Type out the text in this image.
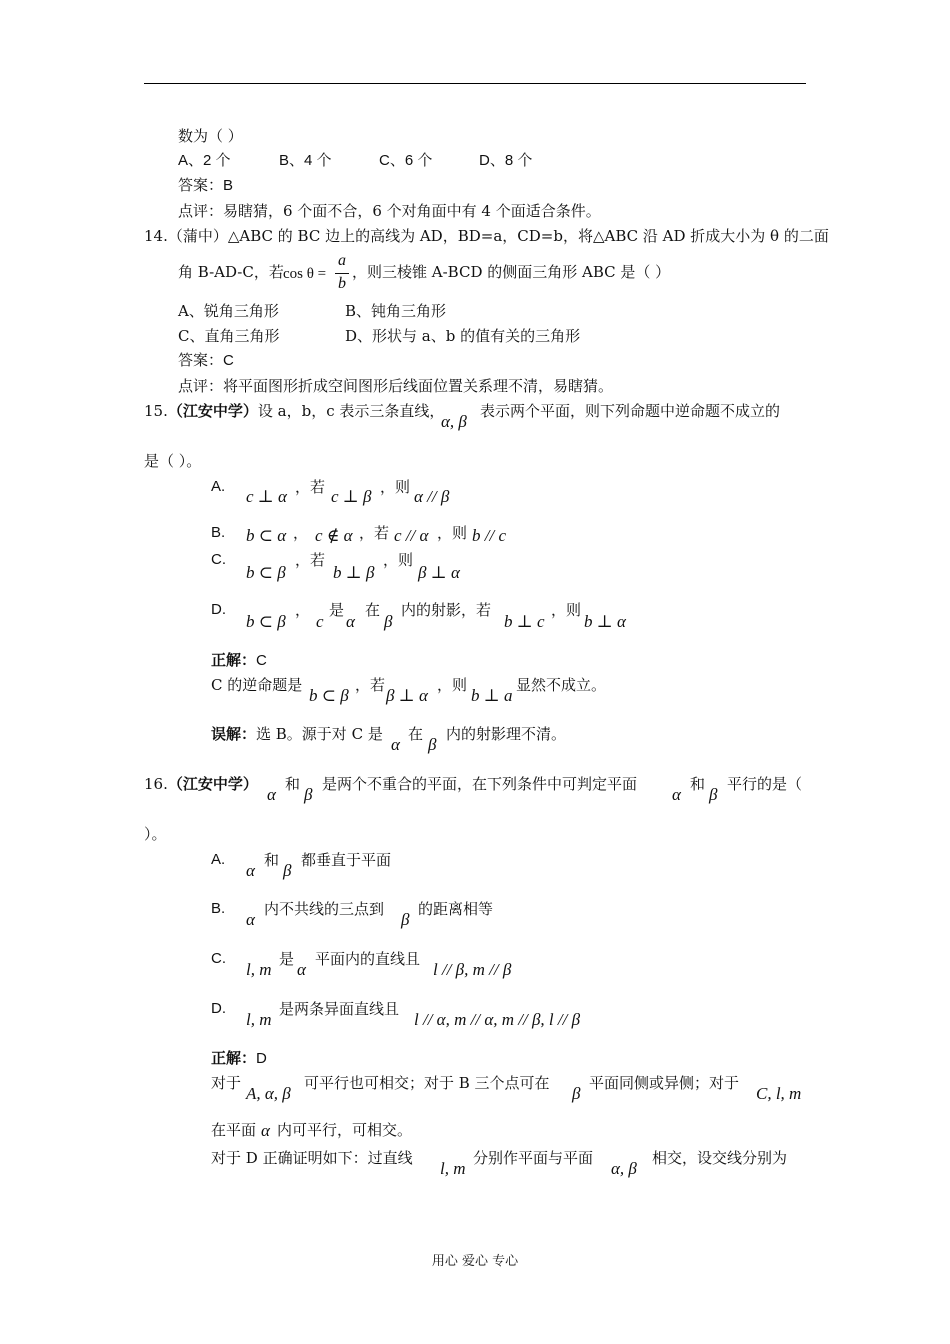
数为（ ）
A、2 个	B、4 个	C、6 个	D、8 个
答案：B
点评：易瞎猜，6 个面不合，6 个对角面中有 4 个面适合条件。
14.（蒲中）△ABC 的 BC 边上的高线为 AD，BD=a，CD=b，将△ABC 沿 AD 折成大小为 θ 的二面
角 B-AD-C，若 cos θ =
a
b
，则三棱锥 A-BCD 的侧面三角形 ABC 是（ ）
A、锐角三角形	B、钝角三角形
C、直角三角形	D、形状与 a、b 的值有关的三角形
答案：C
点评：将平面图形折成空间图形后线面位置关系理不清，易瞎猜。
15.（江安中学）设 a，b，c 表示三条直线，
α, β
表示两个平面，则下列命题中逆命题不成立的
是（ ）。
A.
c ⊥ α ，若 c ⊥ β ，则 α // β
B. b ⊂ α ， c ∉ α ，若 c // α ，则 b // c
C.
b ⊂ β
，若
b ⊥ β
，则
β ⊥ α
D.
b ⊂ β
，
c
是
α
在
β
内的射影，若
b ⊥ c
，则
b ⊥ α
正解：C
C 的逆命题是
b ⊂ β
，若
β ⊥ α
，则
b ⊥ a
显然不成立。
误解：选 B。源于对 C 是
α
在
β
内的射影理不清。
16.（江安中学）
α
和
β
是两个不重合的平面，在下列条件中可判定平面
α
和
β
平行的是（
）。
A.
α
和
β
都垂直于平面
B.
α
内不共线的三点到
β
的距离相等
C.
l, m
是
α
平面内的直线且
l // β, m // β
D.
l, m
是两条异面直线且
l // α, m // α, m // β, l // β
正解：D
对于
A, α, β
可平行也可相交；对于 B 三个点可在
β
平面同侧或异侧；对于
C, l, m
在平面 α 内可平行，可相交。
对于 D 正确证明如下：过直线
l, m
分别作平面与平面
α, β
相交，设交线分别为
用心 爱心 专心
